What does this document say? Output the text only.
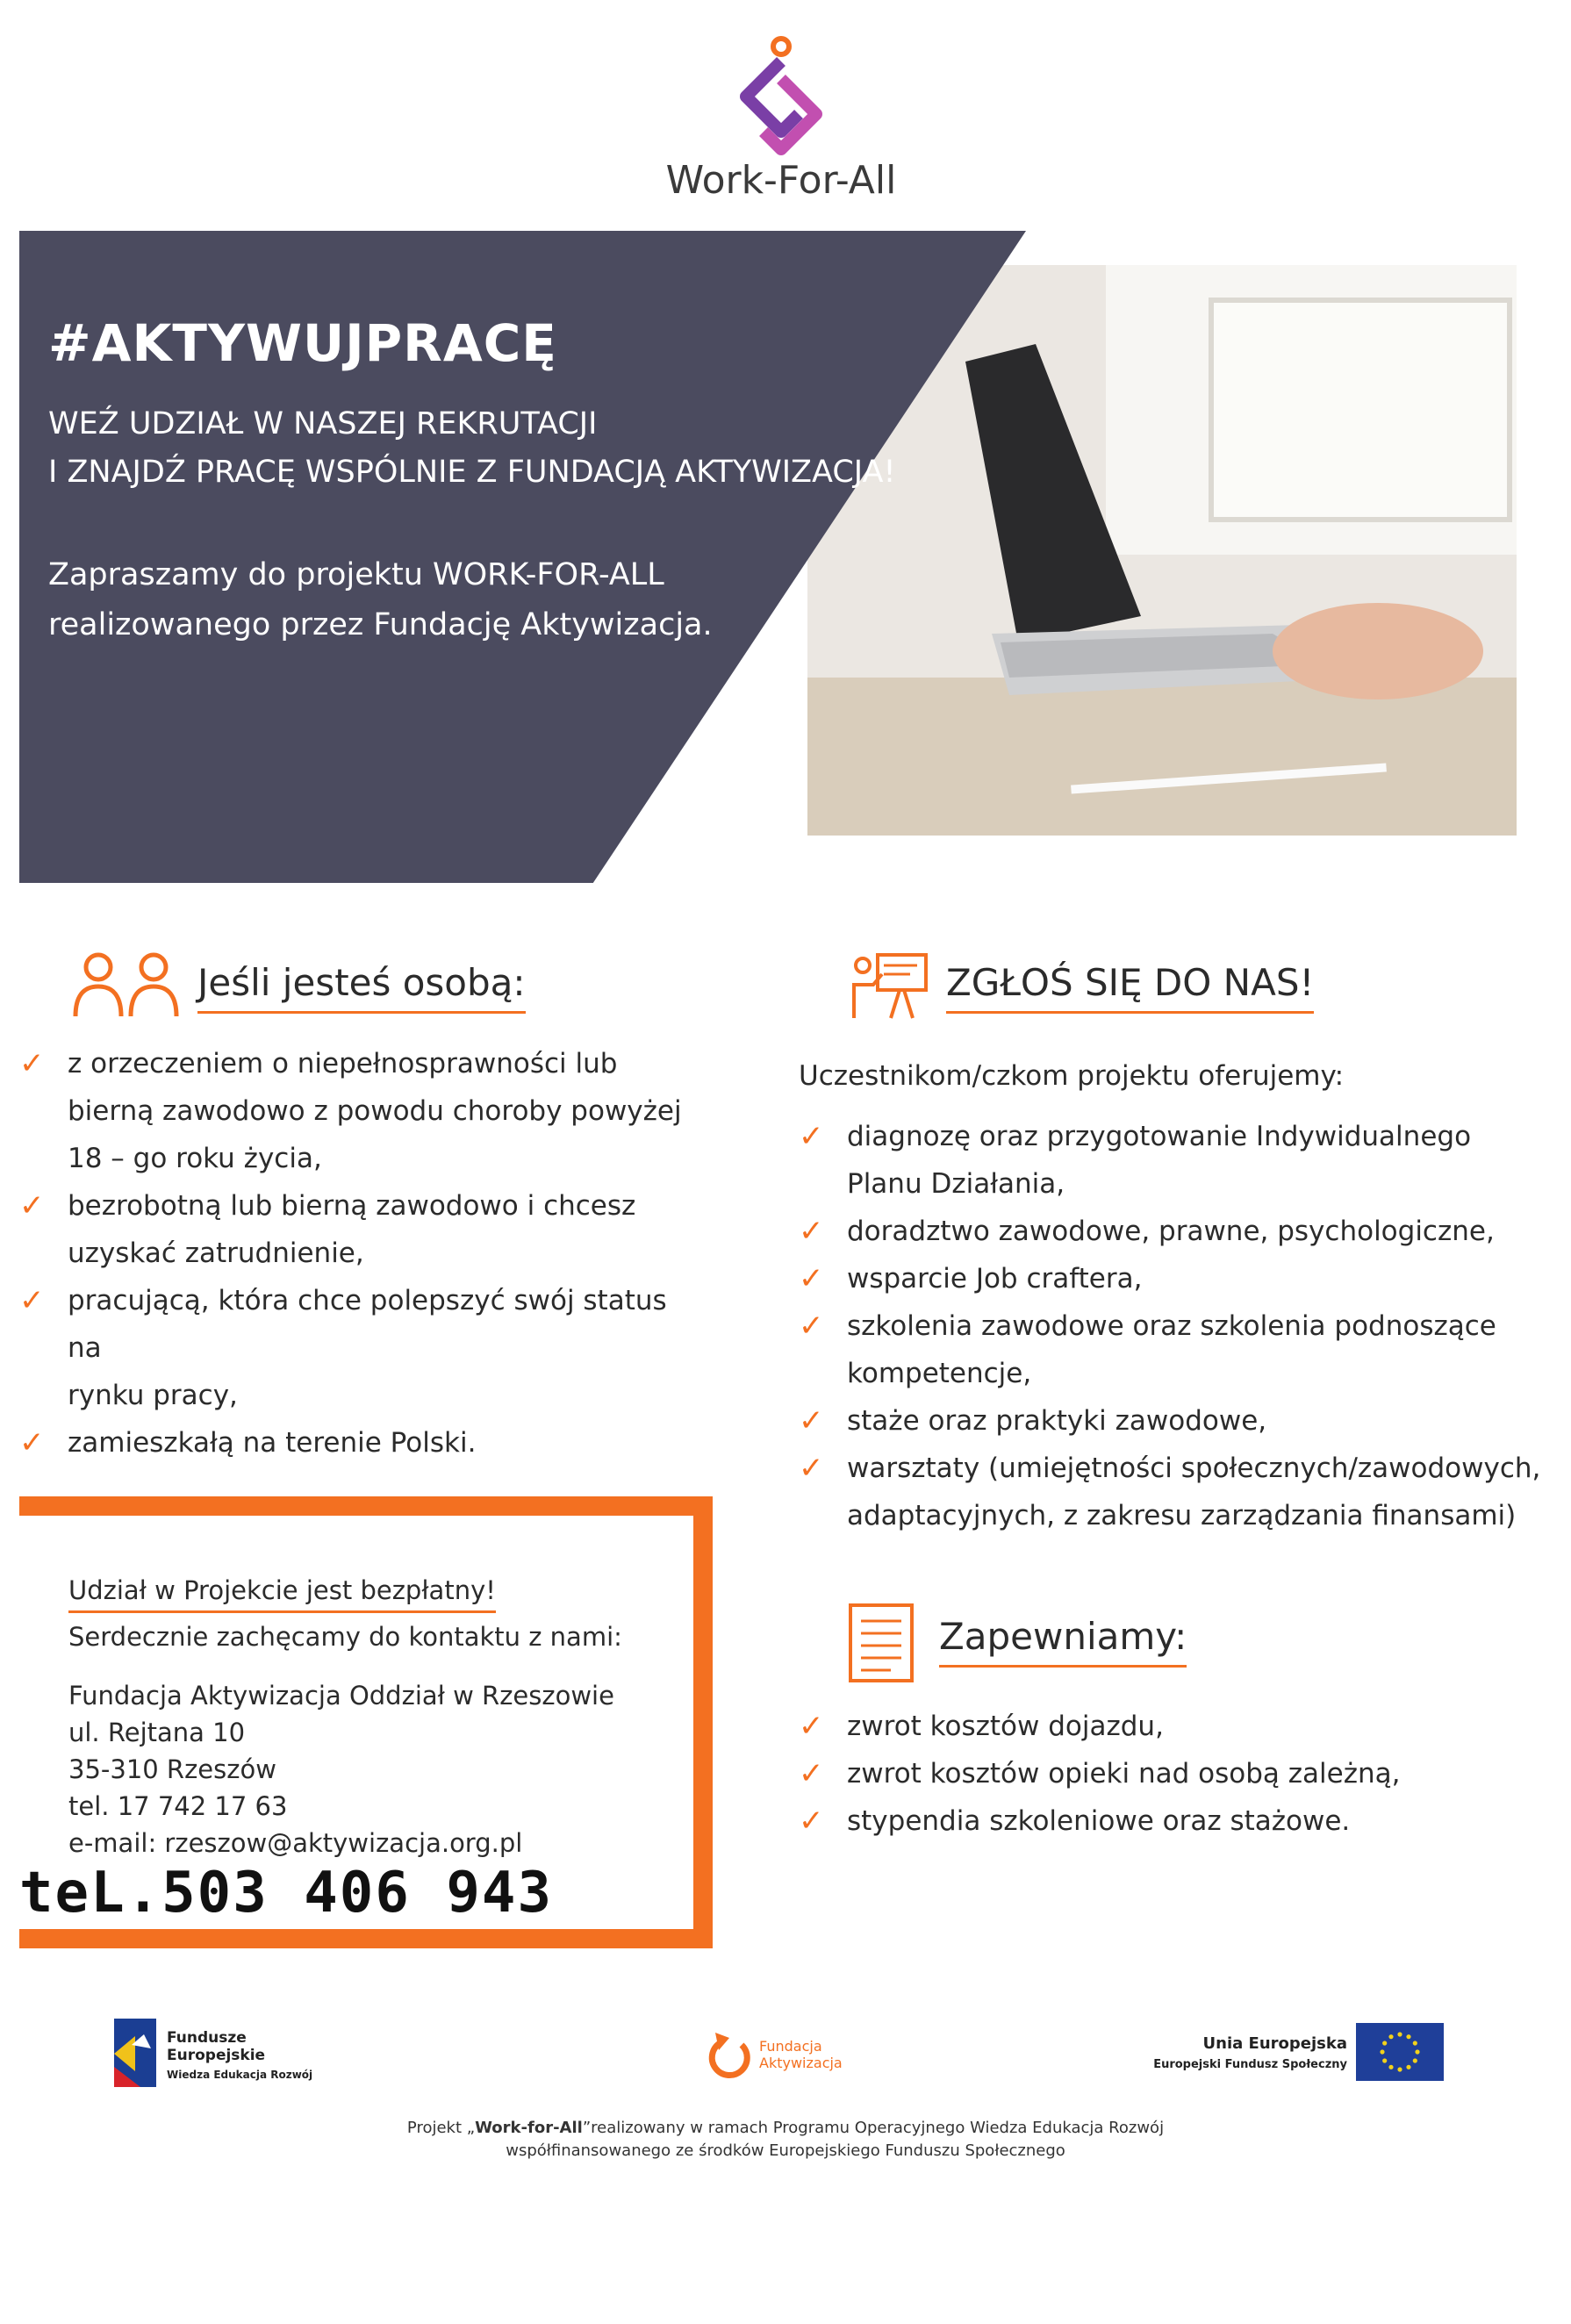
Work-For-All
#AKTYWUJPRACĘ
WEŹ UDZIAŁ W NASZEJ REKRUTACJI
I ZNAJDŹ PRACĘ WSPÓLNIE Z FUNDACJĄ AKTYWIZACJA!
Zapraszamy do projektu WORK-FOR-ALL
realizowanego przez Fundację Aktywizacja.
Jeśli jesteś osobą:
✓ z orzeczeniem o niepełnosprawności lub
bierną zawodowo z powodu choroby powyżej
18 – go roku życia,
✓ bezrobotną lub bierną zawodowo i chcesz
uzyskać zatrudnienie,
✓ pracującą, która chce polepszyć swój status na
rynku pracy,
✓ zamieszkałą na terenie Polski.
ZGŁOŚ SIĘ DO NAS!
Uczestnikom/czkom projektu oferujemy:
✓ diagnozę oraz przygotowanie Indywidualnego
Planu Działania,
✓ doradztwo zawodowe, prawne, psychologiczne,
✓ wsparcie Job craftera,
✓ szkolenia zawodowe oraz szkolenia podnoszące
kompetencje,
✓ staże oraz praktyki zawodowe,
✓ warsztaty (umiejętności społecznych/zawodowych,
adaptacyjnych, z zakresu zarządzania finansami)
Zapewniamy:
✓ zwrot kosztów dojazdu,
✓ zwrot kosztów opieki nad osobą zależną,
✓ stypendia szkoleniowe oraz stażowe.
Udział w Projekcie jest bezpłatny!
Serdecznie zachęcamy do kontaktu z nami:
Fundacja Aktywizacja Oddział w Rzeszowie
ul. Rejtana 10
35-310 Rzeszów
tel. 17 742 17 63
e-mail: rzeszow@aktywizacja.org.pl
teL.503 406 943
Fundusze Europejskie
Wiedza Edukacja Rozwój
Fundacja
Aktywizacja
Unia Europejska
Europejski Fundusz Społeczny
Projekt „Work-for-All”realizowany w ramach Programu Operacyjnego Wiedza Edukacja Rozwój
współfinansowanego ze środków Europejskiego Funduszu Społecznego
